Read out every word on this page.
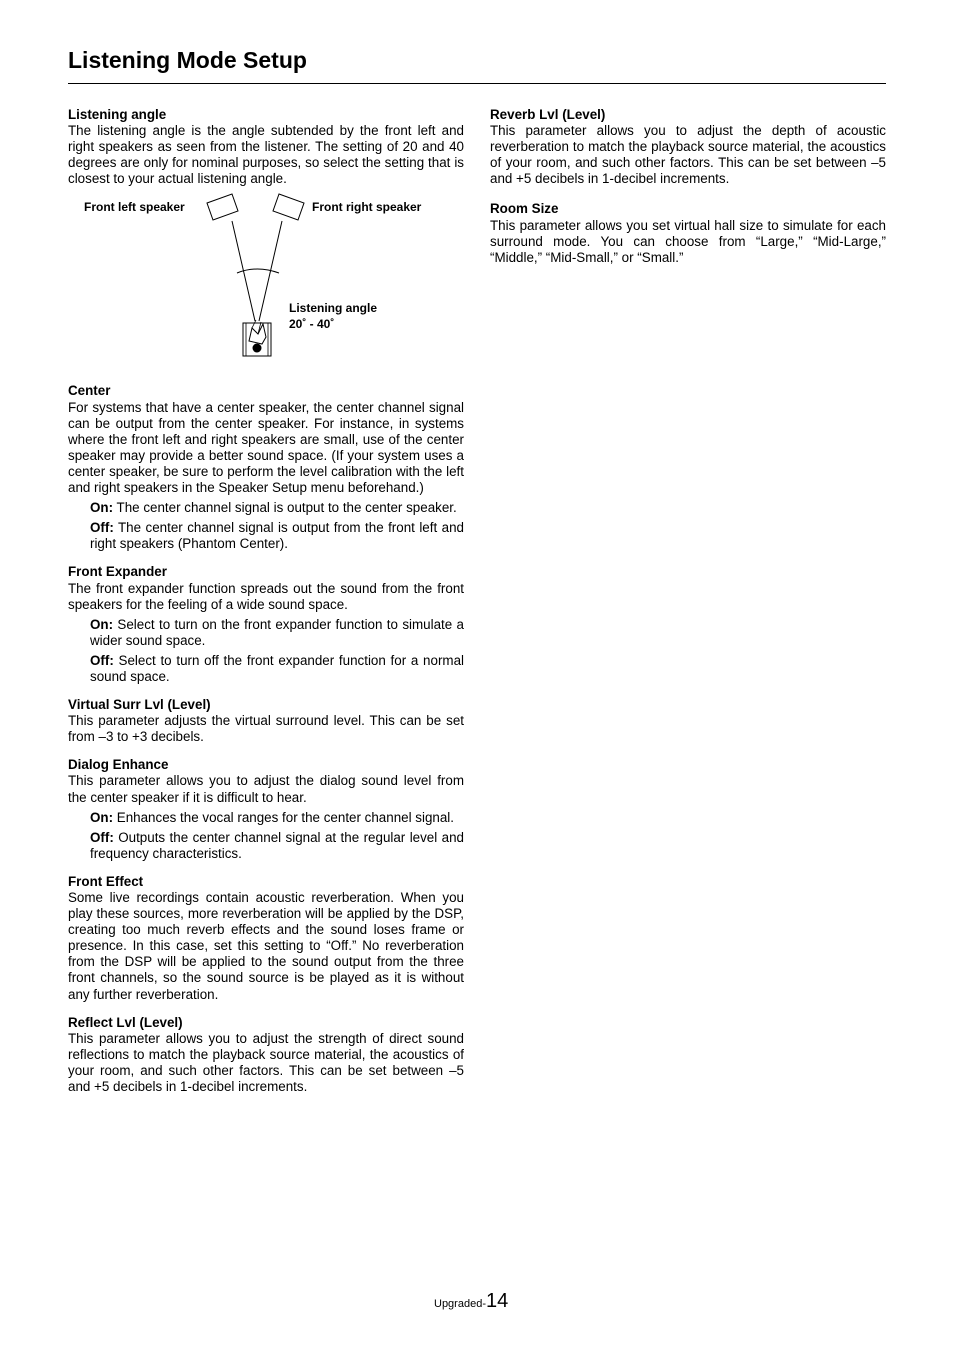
Listening Mode Setup
Listening angle

The listening angle is the angle subtended by the front left and right speakers as seen from the listener. The setting of 20 and 40 degrees are only for nominal purposes, so select the setting that is closest to your actual listening angle.

Front left speaker	Front right speaker
Listening angle
20˚ - 40˚
Center

For systems that have a center speaker, the center channel signal can be output from the center speaker. For instance, in systems where the front left and right speakers are small, use of the center speaker may provide a better sound space. (If your system uses a center speaker, be sure to perform the level calibration with the left and right speakers in the Speaker Setup menu beforehand.)

On: The center channel signal is output to the center speaker.

Off: The center channel signal is output from the front left and right speakers (Phantom Center).

Front Expander

The front expander function spreads out the sound from the front speakers for the feeling of a wide sound space.

On: Select to turn on the front expander function to simulate a wider sound space.

Off: Select to turn off the front expander function for a normal sound space.

Virtual Surr Lvl (Level)

This parameter adjusts the virtual surround level. This can be set from –3 to +3 decibels.

Dialog Enhance

This parameter allows you to adjust the dialog sound level from the center speaker if it is difficult to hear.

On: Enhances the vocal ranges for the center channel signal.

Off: Outputs the center channel signal at the regular level and frequency characteristics.

Front Effect

Some live recordings contain acoustic reverberation. When you play these sources, more reverberation will be applied by the DSP, creating too much reverb effects and the sound loses frame or presence. In this case, set this setting to “Off.” No reverberation from the DSP will be applied to the sound output from the three front channels, so the sound source is be played as it is without any further reverberation.

Reflect Lvl (Level)

This parameter allows you to adjust the strength of direct sound reflections to match the playback source material, the acoustics of your room, and such other factors. This can be set between –5 and +5 decibels in 1-decibel increments.

Reverb Lvl (Level)

This parameter allows you to adjust the depth of acoustic reverberation to match the playback source material, the acoustics of your room, and such other factors. This can be set between –5 and +5 decibels in 1-decibel increments.

Room Size

This parameter allows you set virtual hall size to simulate for each surround mode. You can choose from “Large,” “Mid-Large,” “Middle,” “Mid-Small,” or “Small.”

Upgraded-14
